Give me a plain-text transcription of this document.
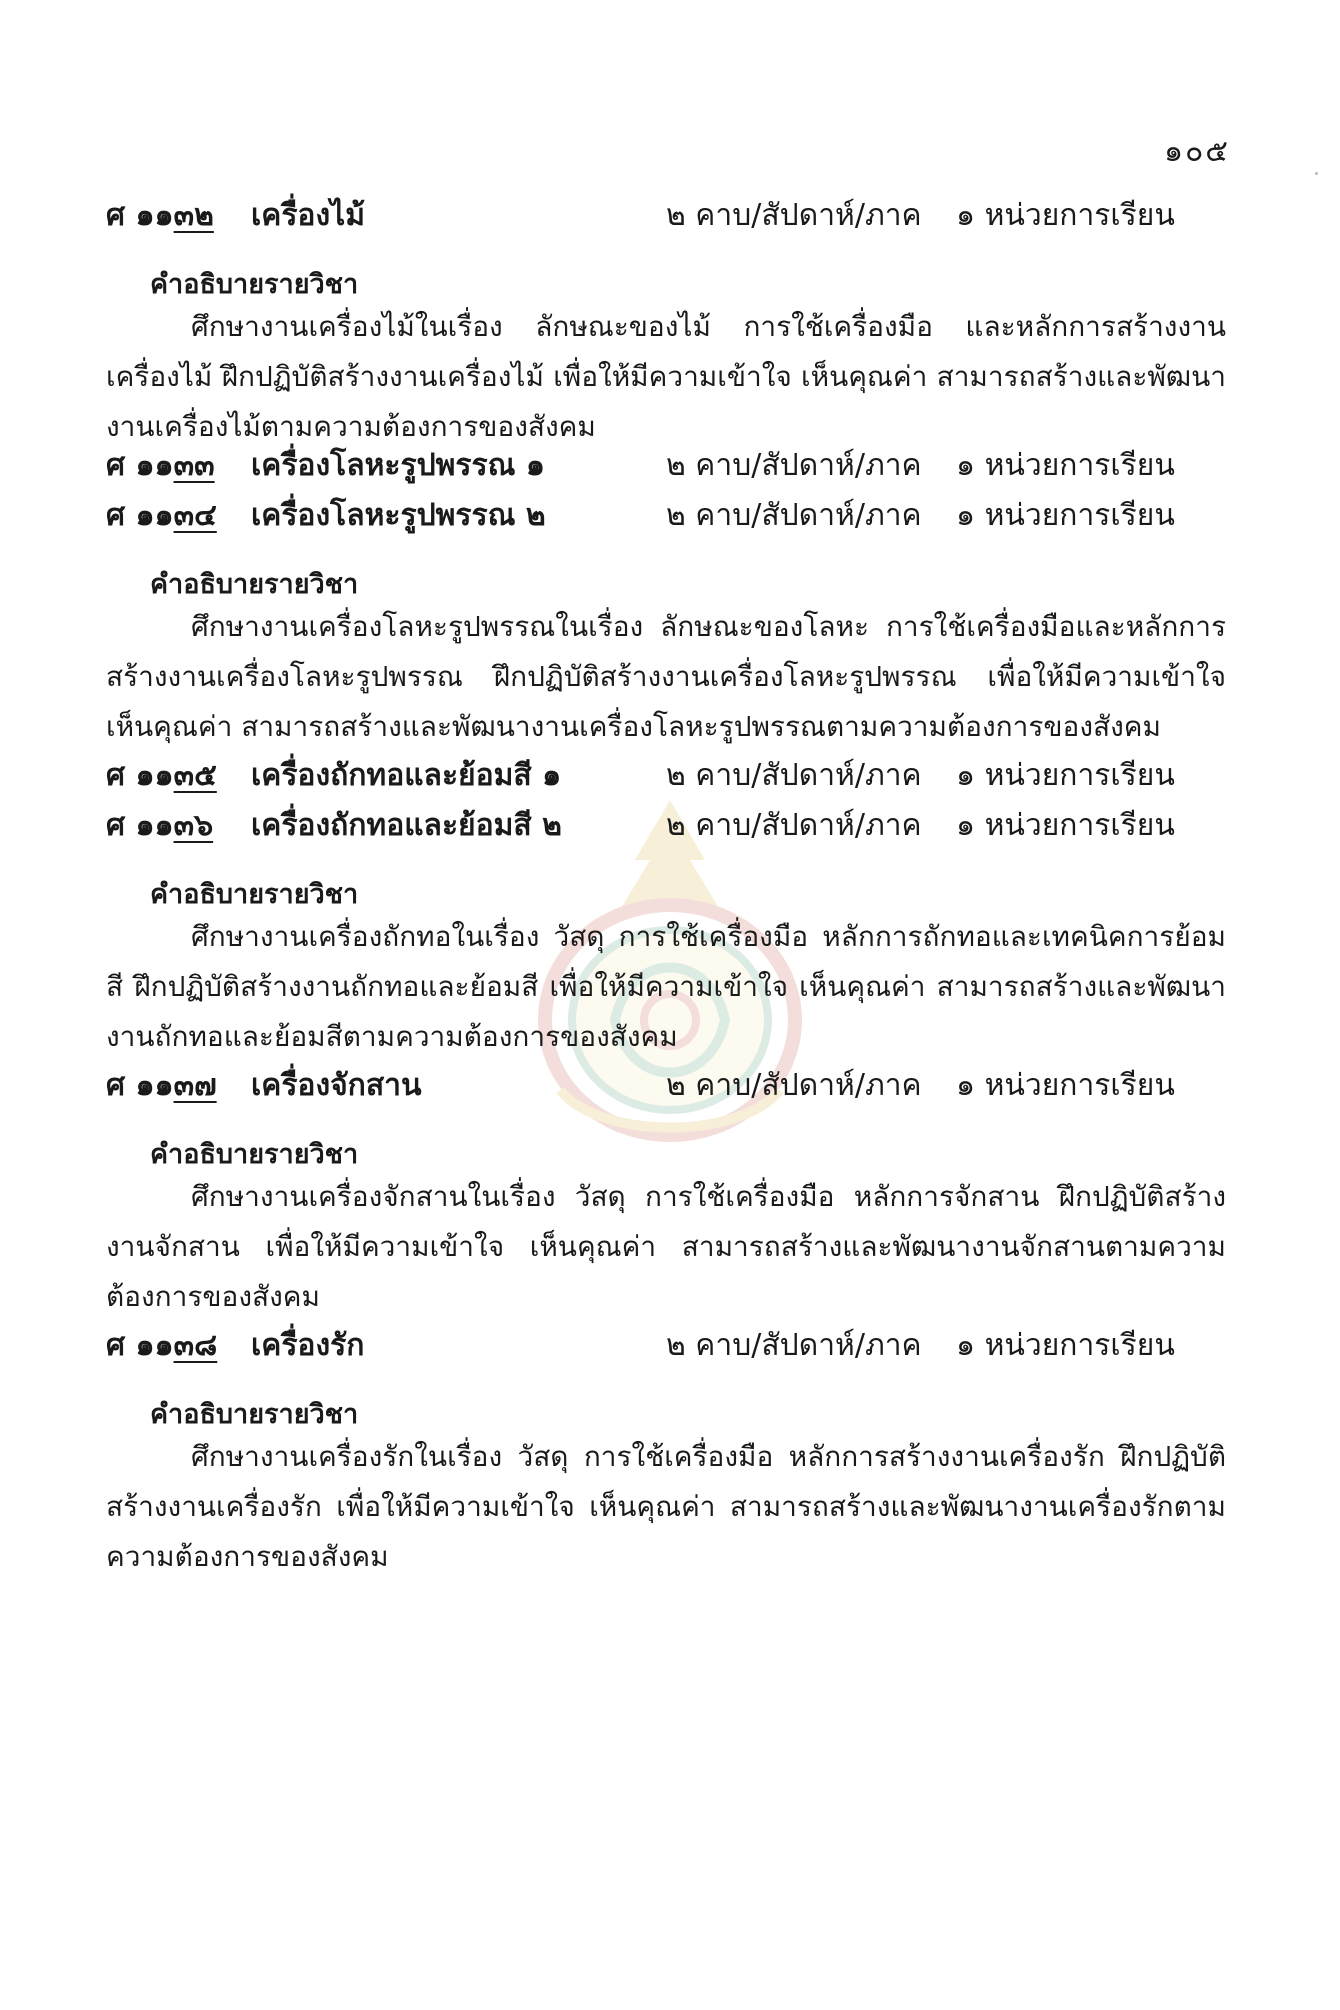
๑๐๕
ศ ๑๑๓๒ เครื่องไม้	๒ คาบ/สัปดาห์/ภาค ๑ หน่วยการเรียน
คำอธิบายรายวิชา
ศึกษางานเครื่องไม้ในเรื่อง ลักษณะของไม้ การใช้เครื่องมือ และหลักการสร้างงานเครื่องไม้ ฝึกปฏิบัติสร้างงานเครื่องไม้ เพื่อให้มีความเข้าใจ เห็นคุณค่า สามารถสร้างและพัฒนางานเครื่องไม้ตามความต้องการของสังคม
ศ ๑๑๓๓ เครื่องโลหะรูปพรรณ ๑	๒ คาบ/สัปดาห์/ภาค ๑ หน่วยการเรียน
ศ ๑๑๓๔ เครื่องโลหะรูปพรรณ ๒	๒ คาบ/สัปดาห์/ภาค ๑ หน่วยการเรียน
คำอธิบายรายวิชา
ศึกษางานเครื่องโลหะรูปพรรณในเรื่อง ลักษณะของโลหะ การใช้เครื่องมือและหลักการสร้างงานเครื่องโลหะรูปพรรณ ฝึกปฏิบัติสร้างงานเครื่องโลหะรูปพรรณ เพื่อให้มีความเข้าใจเห็นคุณค่า สามารถสร้างและพัฒนางานเครื่องโลหะรูปพรรณตามความต้องการของสังคม
ศ ๑๑๓๕ เครื่องถักทอและย้อมสี ๑	๒ คาบ/สัปดาห์/ภาค ๑ หน่วยการเรียน
ศ ๑๑๓๖ เครื่องถักทอและย้อมสี ๒	๒ คาบ/สัปดาห์/ภาค ๑ หน่วยการเรียน
คำอธิบายรายวิชา
ศึกษางานเครื่องถักทอในเรื่อง วัสดุ การใช้เครื่องมือ หลักการถักทอและเทคนิคการย้อมสี ฝึกปฏิบัติสร้างงานถักทอและย้อมสี เพื่อให้มีความเข้าใจ เห็นคุณค่า สามารถสร้างและพัฒนางานถักทอและย้อมสีตามความต้องการของสังคม
ศ ๑๑๓๗ เครื่องจักสาน	๒ คาบ/สัปดาห์/ภาค ๑ หน่วยการเรียน
คำอธิบายรายวิชา
ศึกษางานเครื่องจักสานในเรื่อง วัสดุ การใช้เครื่องมือ หลักการจักสาน ฝึกปฏิบัติสร้างงานจักสาน เพื่อให้มีความเข้าใจ เห็นคุณค่า สามารถสร้างและพัฒนางานจักสานตามความต้องการของสังคม
ศ ๑๑๓๘ เครื่องรัก	๒ คาบ/สัปดาห์/ภาค ๑ หน่วยการเรียน
คำอธิบายรายวิชา
ศึกษางานเครื่องรักในเรื่อง วัสดุ การใช้เครื่องมือ หลักการสร้างงานเครื่องรัก ฝึกปฏิบัติสร้างงานเครื่องรัก เพื่อให้มีความเข้าใจ เห็นคุณค่า สามารถสร้างและพัฒนางานเครื่องรักตามความต้องการของสังคม
